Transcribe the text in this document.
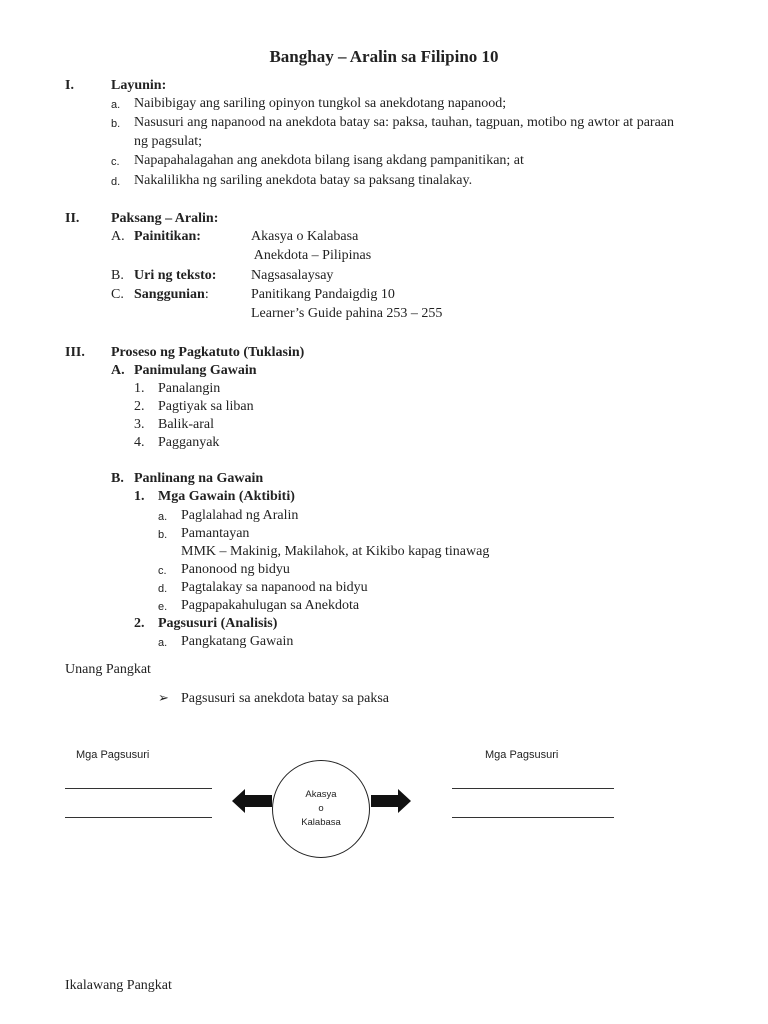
Banghay – Aralin sa Filipino 10
I.	Layunin:
a. Naibibigay ang sariling opinyon tungkol sa anekdotang napanood;
b. Nasusuri ang napanood na anekdota batay sa: paksa, tauhan, tagpuan, motibo ng awtor at paraan
ng pagsulat;
c. Napapahalagahan ang anekdota bilang isang akdang pampanitikan; at
d. Nakalilikha ng sariling anekdota batay sa paksang tinalakay.
II. Paksang – Aralin:
A. Painitikan:	Akasya o Kalabasa
Anekdota – Pilipinas
B. Uri ng teksto: Nagsasalaysay
C. Sanggunian:	Panitikang Pandaigdig 10
Learner’s Guide pahina 253 – 255
III. Proseso ng Pagkatuto (Tuklasin)
A. Panimulang Gawain
1. Panalangin
2. Pagtiyak sa liban
3. Balik-aral
4. Pagganyak
B. Panlinang na Gawain
1. Mga Gawain (Aktibiti)
a. Paglalahad ng Aralin
b. Pamantayan
MMK – Makinig, Makilahok, at Kikibo kapag tinawag
c. Panonood ng bidyu
d. Pagtalakay sa napanood na bidyu
e. Pagpapakahulugan sa Anekdota
2. Pagsusuri (Analisis)
a. Pangkatang Gawain
Unang Pangkat
➢ Pagsusuri sa anekdota batay sa paksa
Mga Pagsusuri	Mga Pagsusuri
Akasya
o
Kalabasa
Ikalawang Pangkat
